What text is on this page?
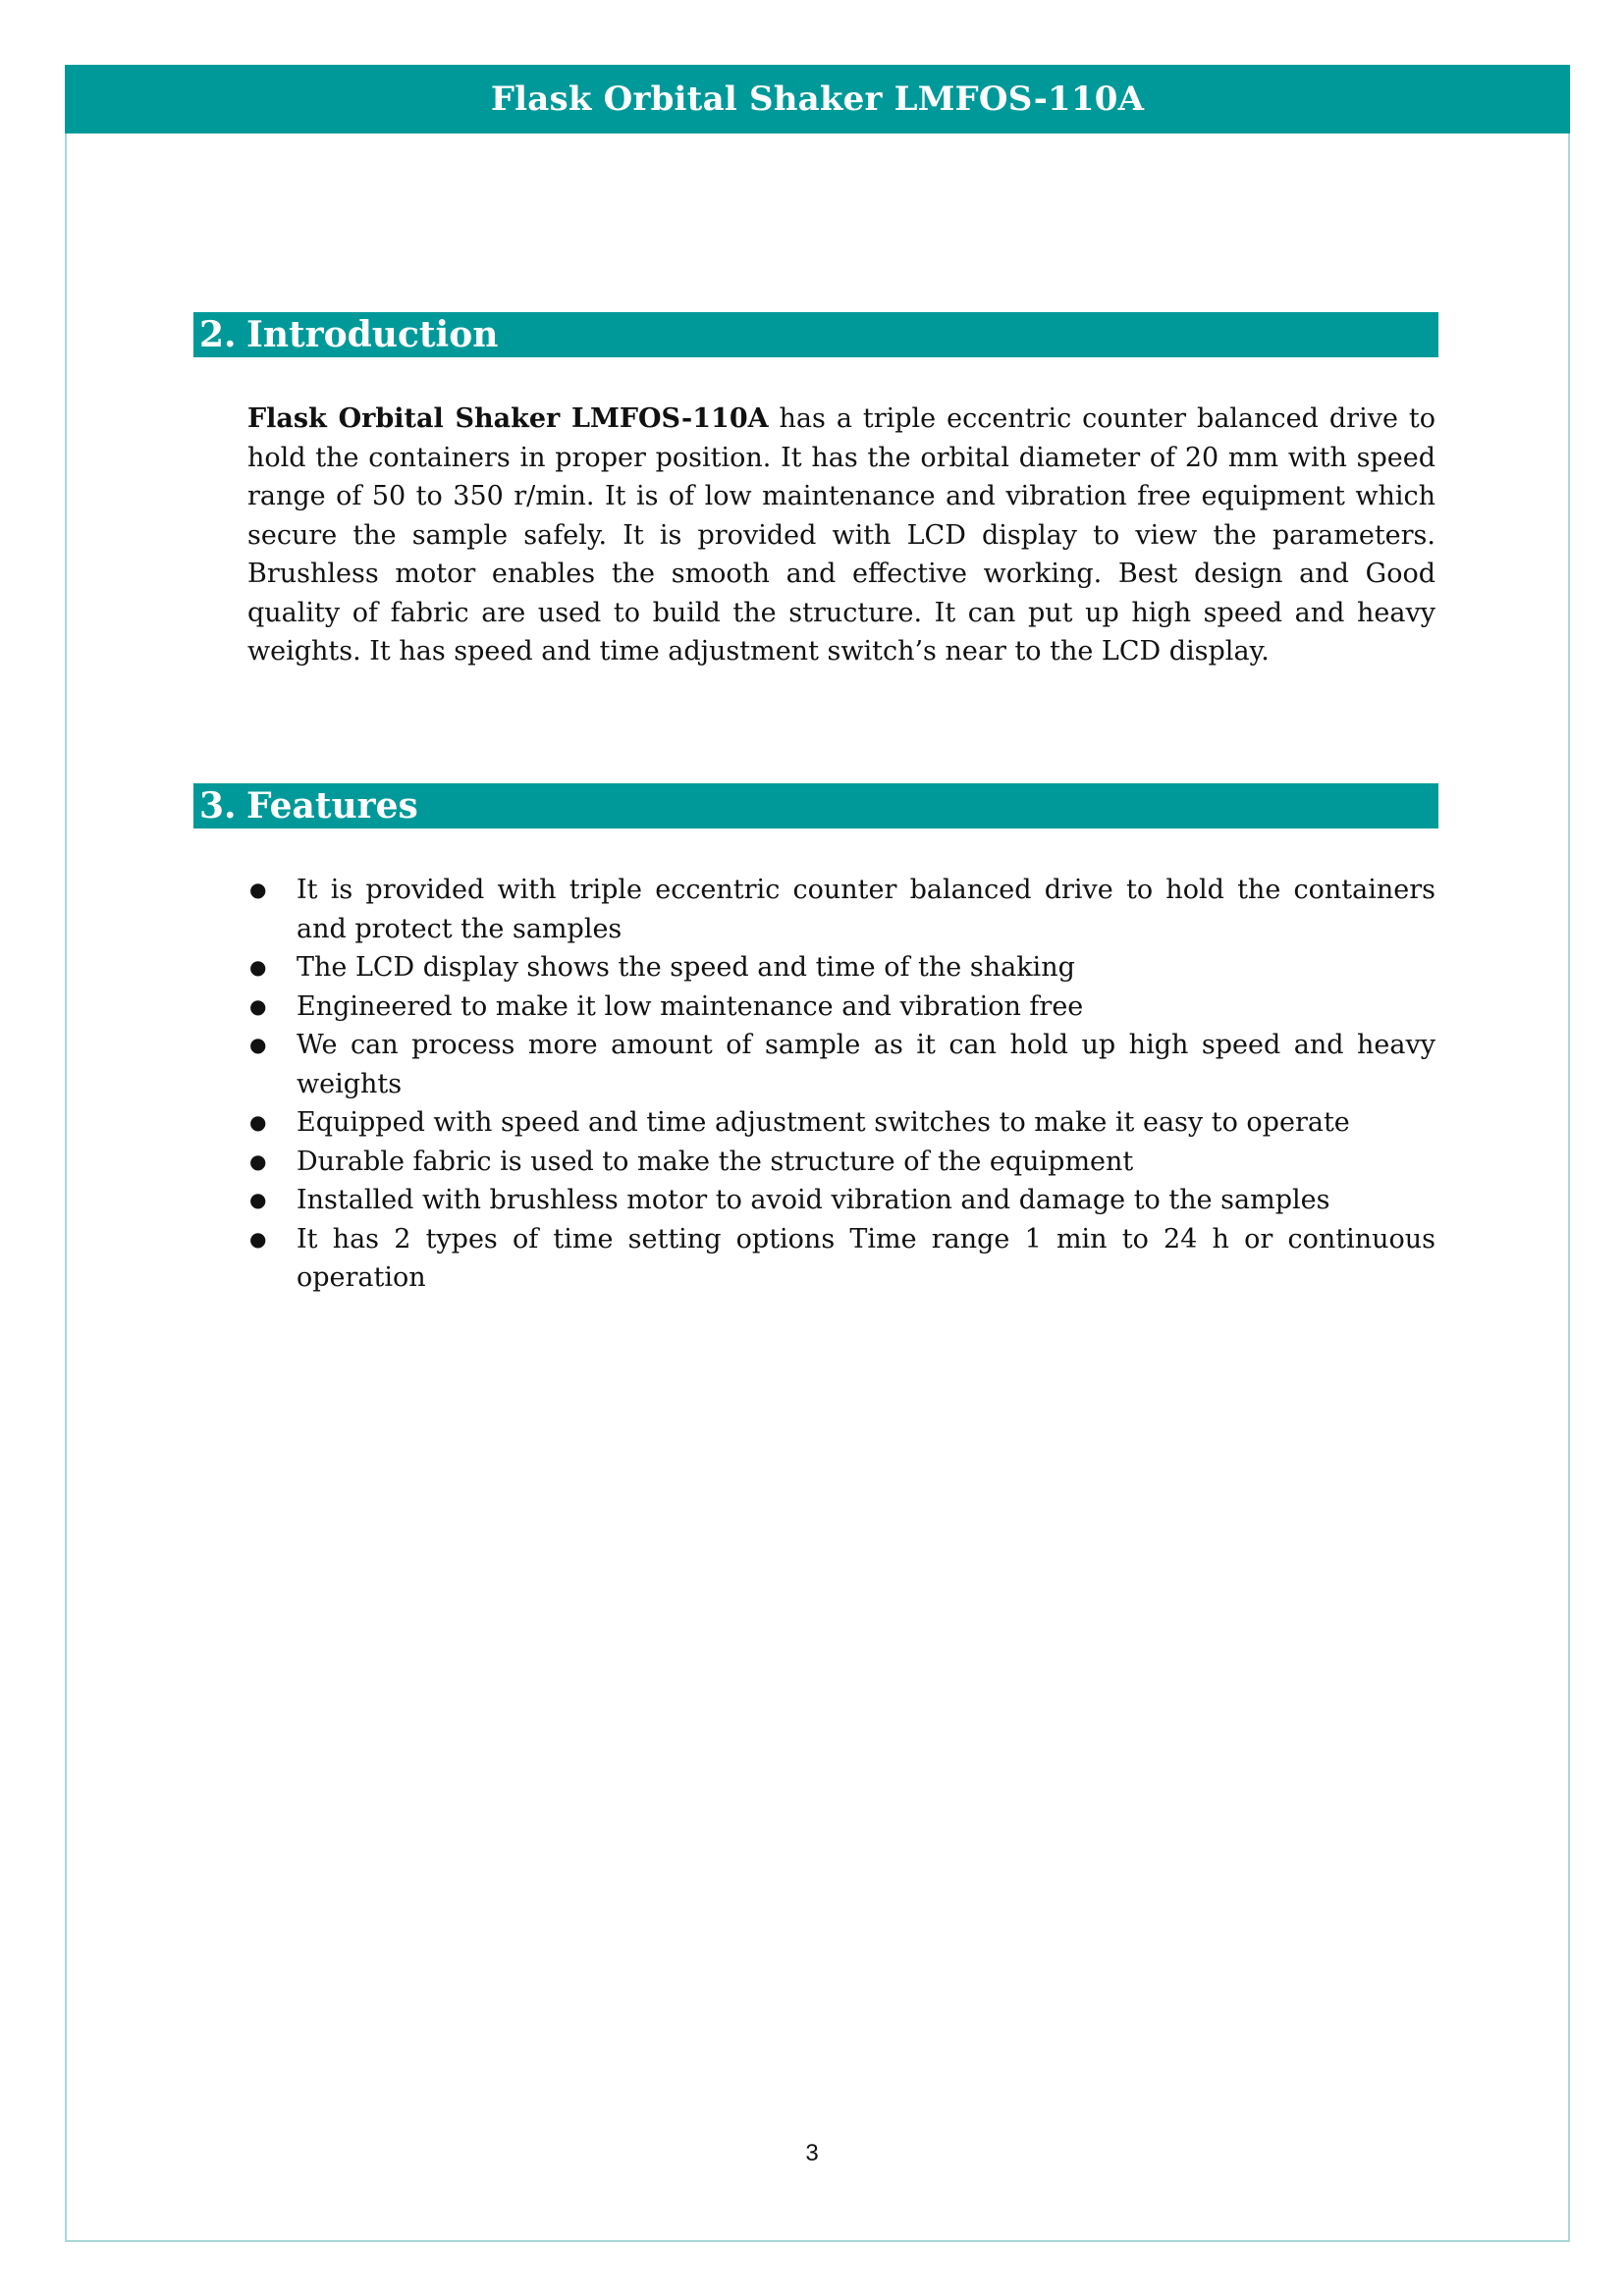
Flask Orbital Shaker LMFOS-110A
2. Introduction

Flask Orbital Shaker LMFOS-110A has a triple eccentric counter balanced drive to hold the containers in proper position. It has the orbital diameter of 20 mm with speed range of 50 to 350 r/min. It is of low maintenance and vibration free equipment which secure the sample safely. It is provided with LCD display to view the parameters. Brushless motor enables the smooth and effective working. Best design and Good quality of fabric are used to build the structure. It can put up high speed and heavy weights. It has speed and time adjustment switch’s near to the LCD display.

3. Features
● It is provided with triple eccentric counter balanced drive to hold the containers and protect the samples
● The LCD display shows the speed and time of the shaking
● Engineered to make it low maintenance and vibration free
● We can process more amount of sample as it can hold up high speed and heavy weights
● Equipped with speed and time adjustment switches to make it easy to operate
● Durable fabric is used to make the structure of the equipment
● Installed with brushless motor to avoid vibration and damage to the samples
● It has 2 types of time setting options Time range 1 min to 24 h or continuous operation
3
